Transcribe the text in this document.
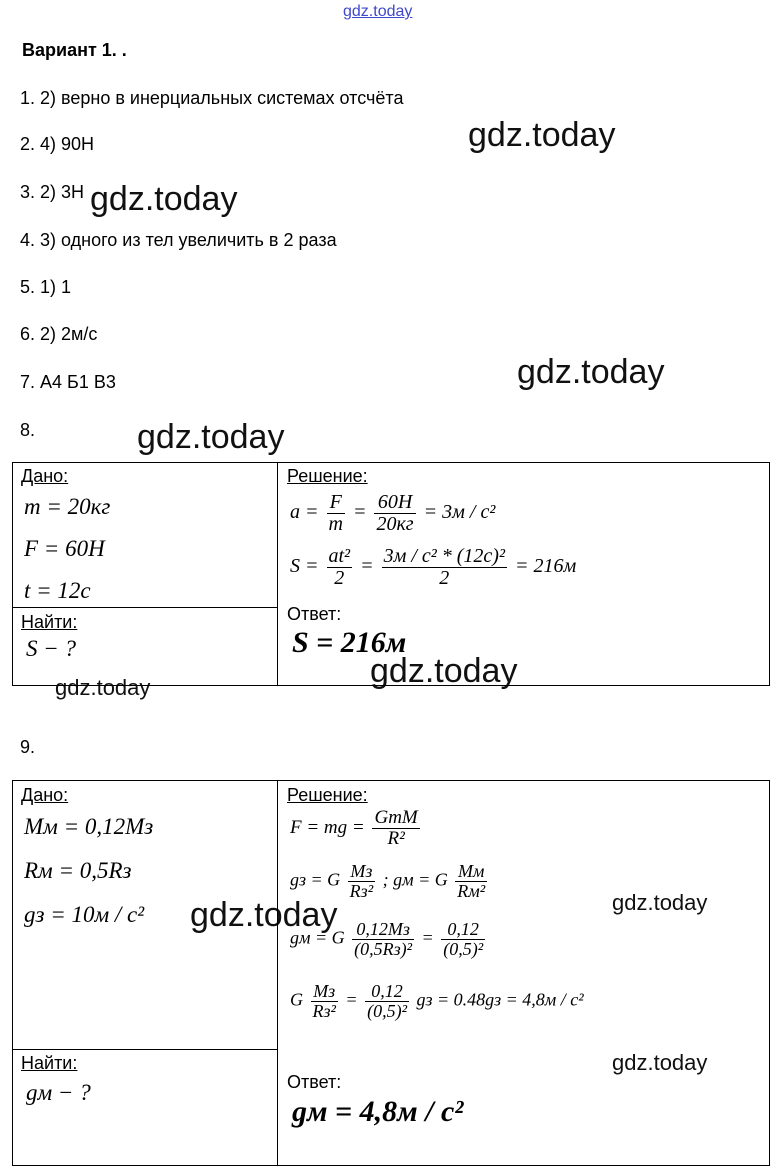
gdz.today
Вариант 1. .
1. 2) верно в инерциальных системах отсчёта
2. 4) 90Н
3. 2) 3Н
4. 3) одного из тел увеличить в 2 раза
5. 1) 1
6. 2) 2м/с
7. А4 Б1 В3
gdz.today
gdz.today
gdz.today
gdz.today
gdz.today
gdz.today
gdz.today	gdz.today
gdz.today
8.
Дано:
m = 20кг
F = 60H
t = 12c
Найти:
S − ?
Решение:
$a = \frac{F}{m} = 60H$
20кг
= 3м / c²
$S = \frac{\text{at²}}{2} = 3м / c^2 * (12c)^2$
2
= 216м
Ответ:
S = 216м
9.
Дано:
Mм = 0,12Mз
Rм = 0,5Rз
gз = 10м / c²
Найти:
gм − ?
Решение:
F = mg = GmM
R²
gз = G Mз
Rз²
; gм = G Mм
Rм²
gм = G 0,12Mз
(0,5Rз)²
= $\frac{0,12}{\text{(0,5)²}}$
G Mз
Rз²
= $\frac{0,12}{\text{(0,5)²}}$ gз = 0.48gз = 4,8м / c²
Ответ:
gм = 4,8м / c²
